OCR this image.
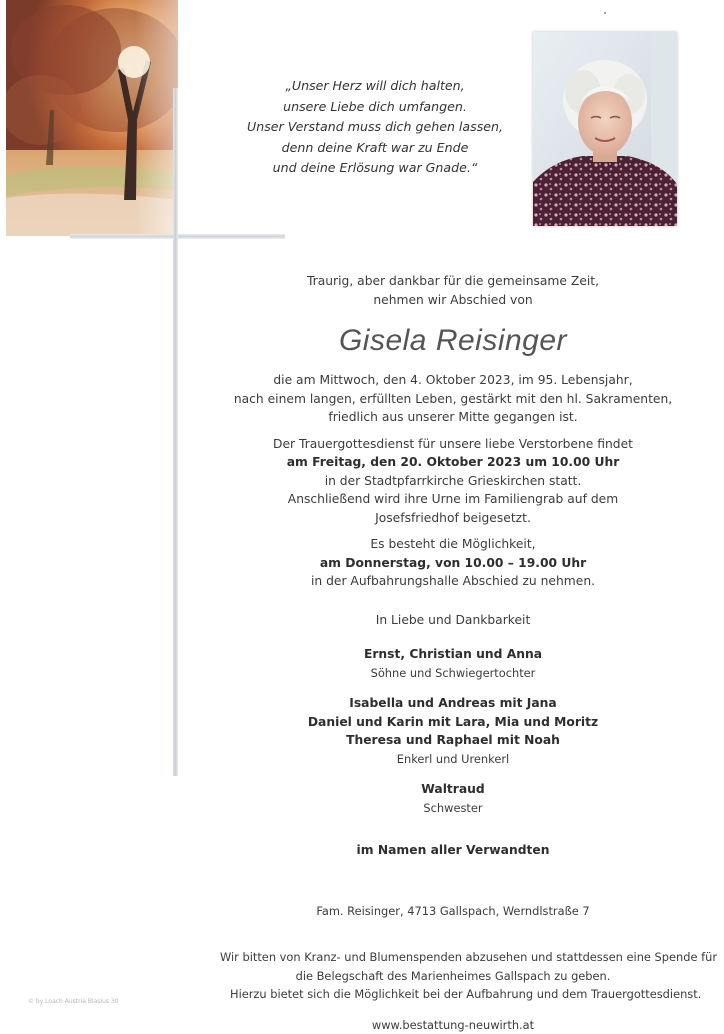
„Unser Herz will dich halten,
unsere Liebe dich umfangen.
Unser Verstand muss dich gehen lassen,
denn deine Kraft war zu Ende
und deine Erlösung war Gnade.“
Traurig, aber dankbar für die gemeinsame Zeit,
nehmen wir Abschied von
Gisela Reisinger
die am Mittwoch, den 4. Oktober 2023, im 95. Lebensjahr,
nach einem langen, erfüllten Leben, gestärkt mit den hl. Sakramenten,
friedlich aus unserer Mitte gegangen ist.
Der Trauergottesdienst für unsere liebe Verstorbene findet
am Freitag, den 20. Oktober 2023 um 10.00 Uhr
in der Stadtpfarrkirche Grieskirchen statt.
Anschließend wird ihre Urne im Familiengrab auf dem
Josefsfriedhof beigesetzt.
Es besteht die Möglichkeit,
am Donnerstag, von 10.00 – 19.00 Uhr
in der Aufbahrungshalle Abschied zu nehmen.
In Liebe und Dankbarkeit
Ernst, Christian und Anna
Söhne und Schwiegertochter
Isabella und Andreas mit Jana
Daniel und Karin mit Lara, Mia und Moritz
Theresa und Raphael mit Noah
Enkerl und Urenkerl
Waltraud
Schwester
im Namen aller Verwandten
Fam. Reisinger, 4713 Gallspach, Werndlstraße 7
Wir bitten von Kranz- und Blumenspenden abzusehen und stattdessen eine Spende für
die Belegschaft des Marienheimes Gallspach zu geben.
Hierzu bietet sich die Möglichkeit bei der Aufbahrung und dem Trauergottesdienst.
www.bestattung-neuwirth.at
© by Loach Austria Blasius 30
